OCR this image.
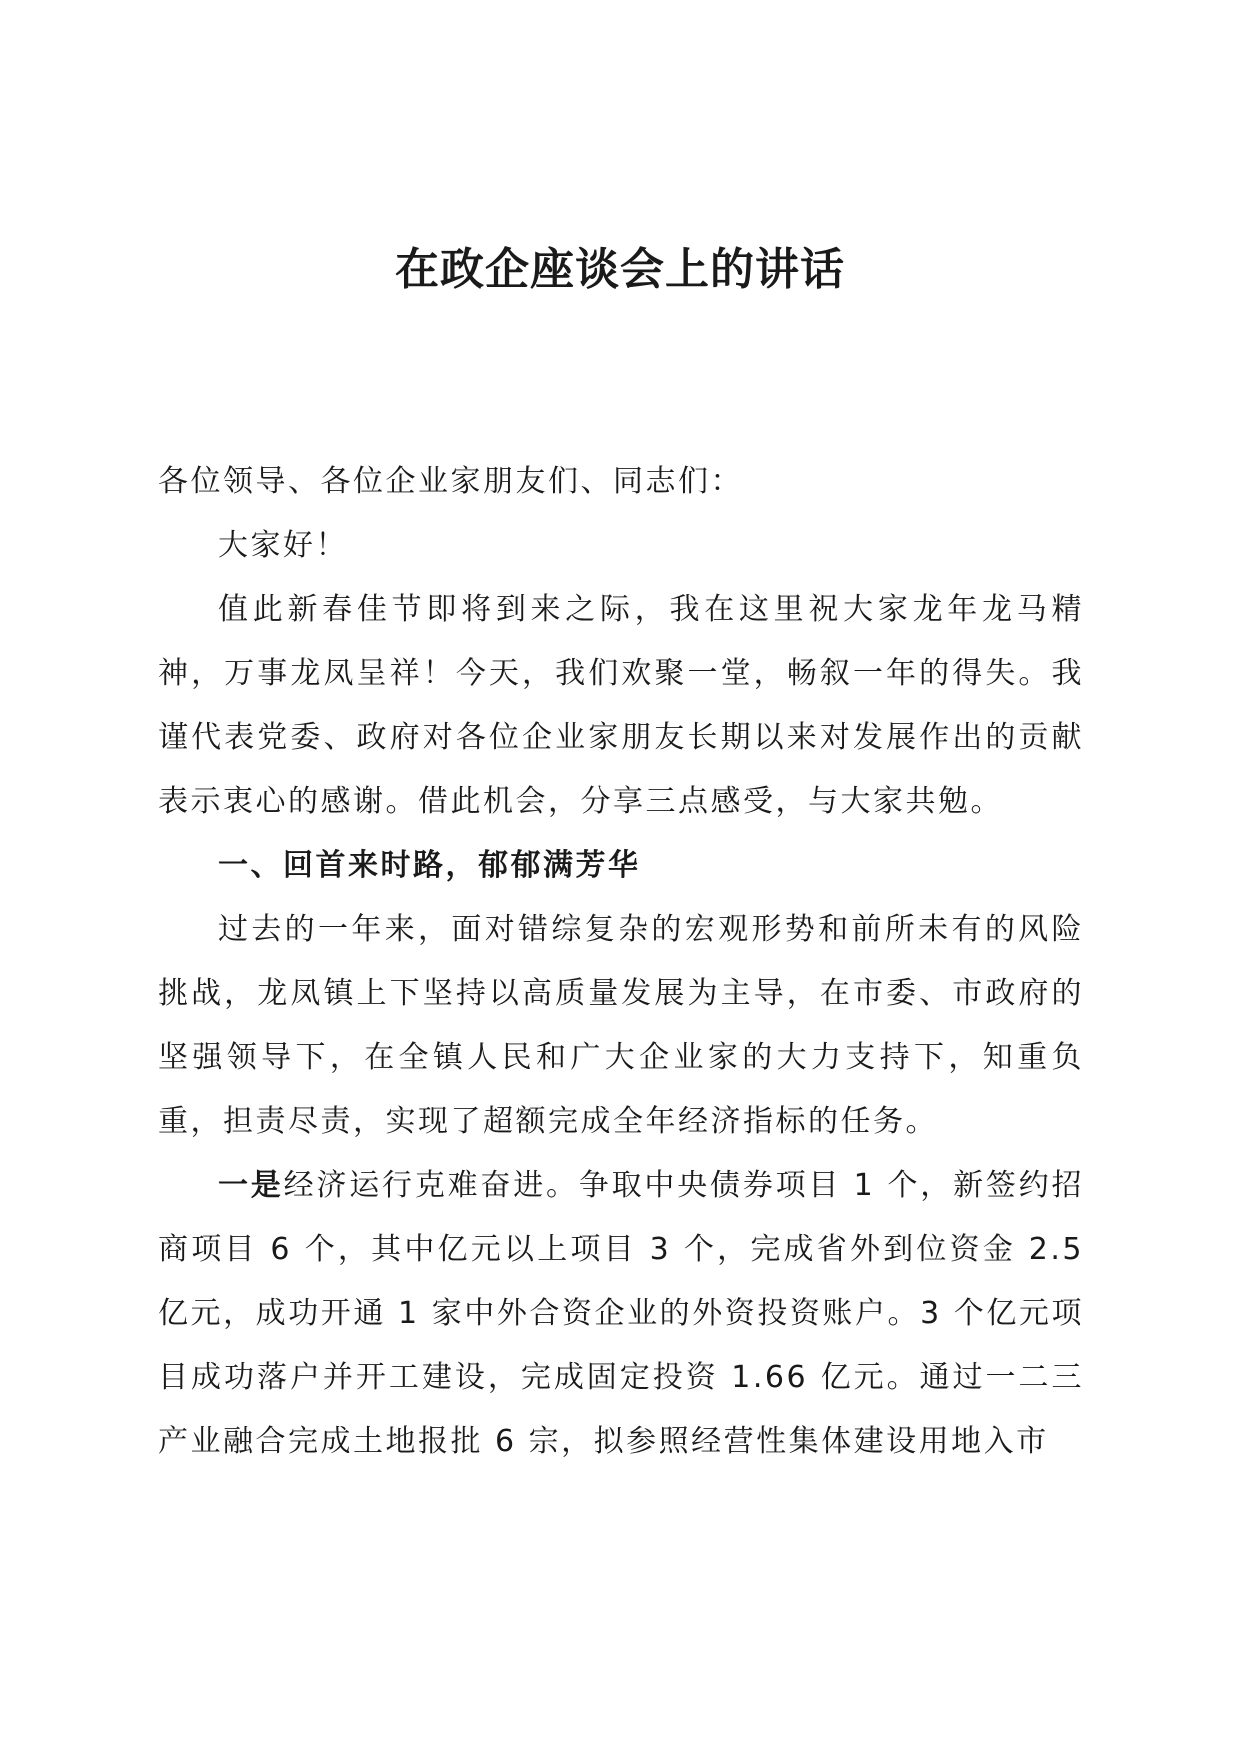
在政企座谈会上的讲话

各位领导、各位企业家朋友们、同志们：

大家好！

值此新春佳节即将到来之际，我在这里祝大家龙年龙马精神，万事龙凤呈祥！今天，我们欢聚一堂，畅叙一年的得失。我谨代表党委、政府对各位企业家朋友长期以来对发展作出的贡献表示衷心的感谢。借此机会，分享三点感受，与大家共勉。

一、回首来时路，郁郁满芳华

过去的一年来，面对错综复杂的宏观形势和前所未有的风险挑战，龙凤镇上下坚持以高质量发展为主导，在市委、市政府的坚强领导下，在全镇人民和广大企业家的大力支持下，知重负重，担责尽责，实现了超额完成全年经济指标的任务。

一是经济运行克难奋进。争取中央债券项目 1 个，新签约招商项目 6 个，其中亿元以上项目 3 个，完成省外到位资金 2.5 亿元，成功开通 1 家中外合资企业的外资投资账户。3 个亿元项目成功落户并开工建设，完成固定投资 1.66 亿元。通过一二三产业融合完成土地报批 6 宗，拟参照经营性集体建设用地入市
